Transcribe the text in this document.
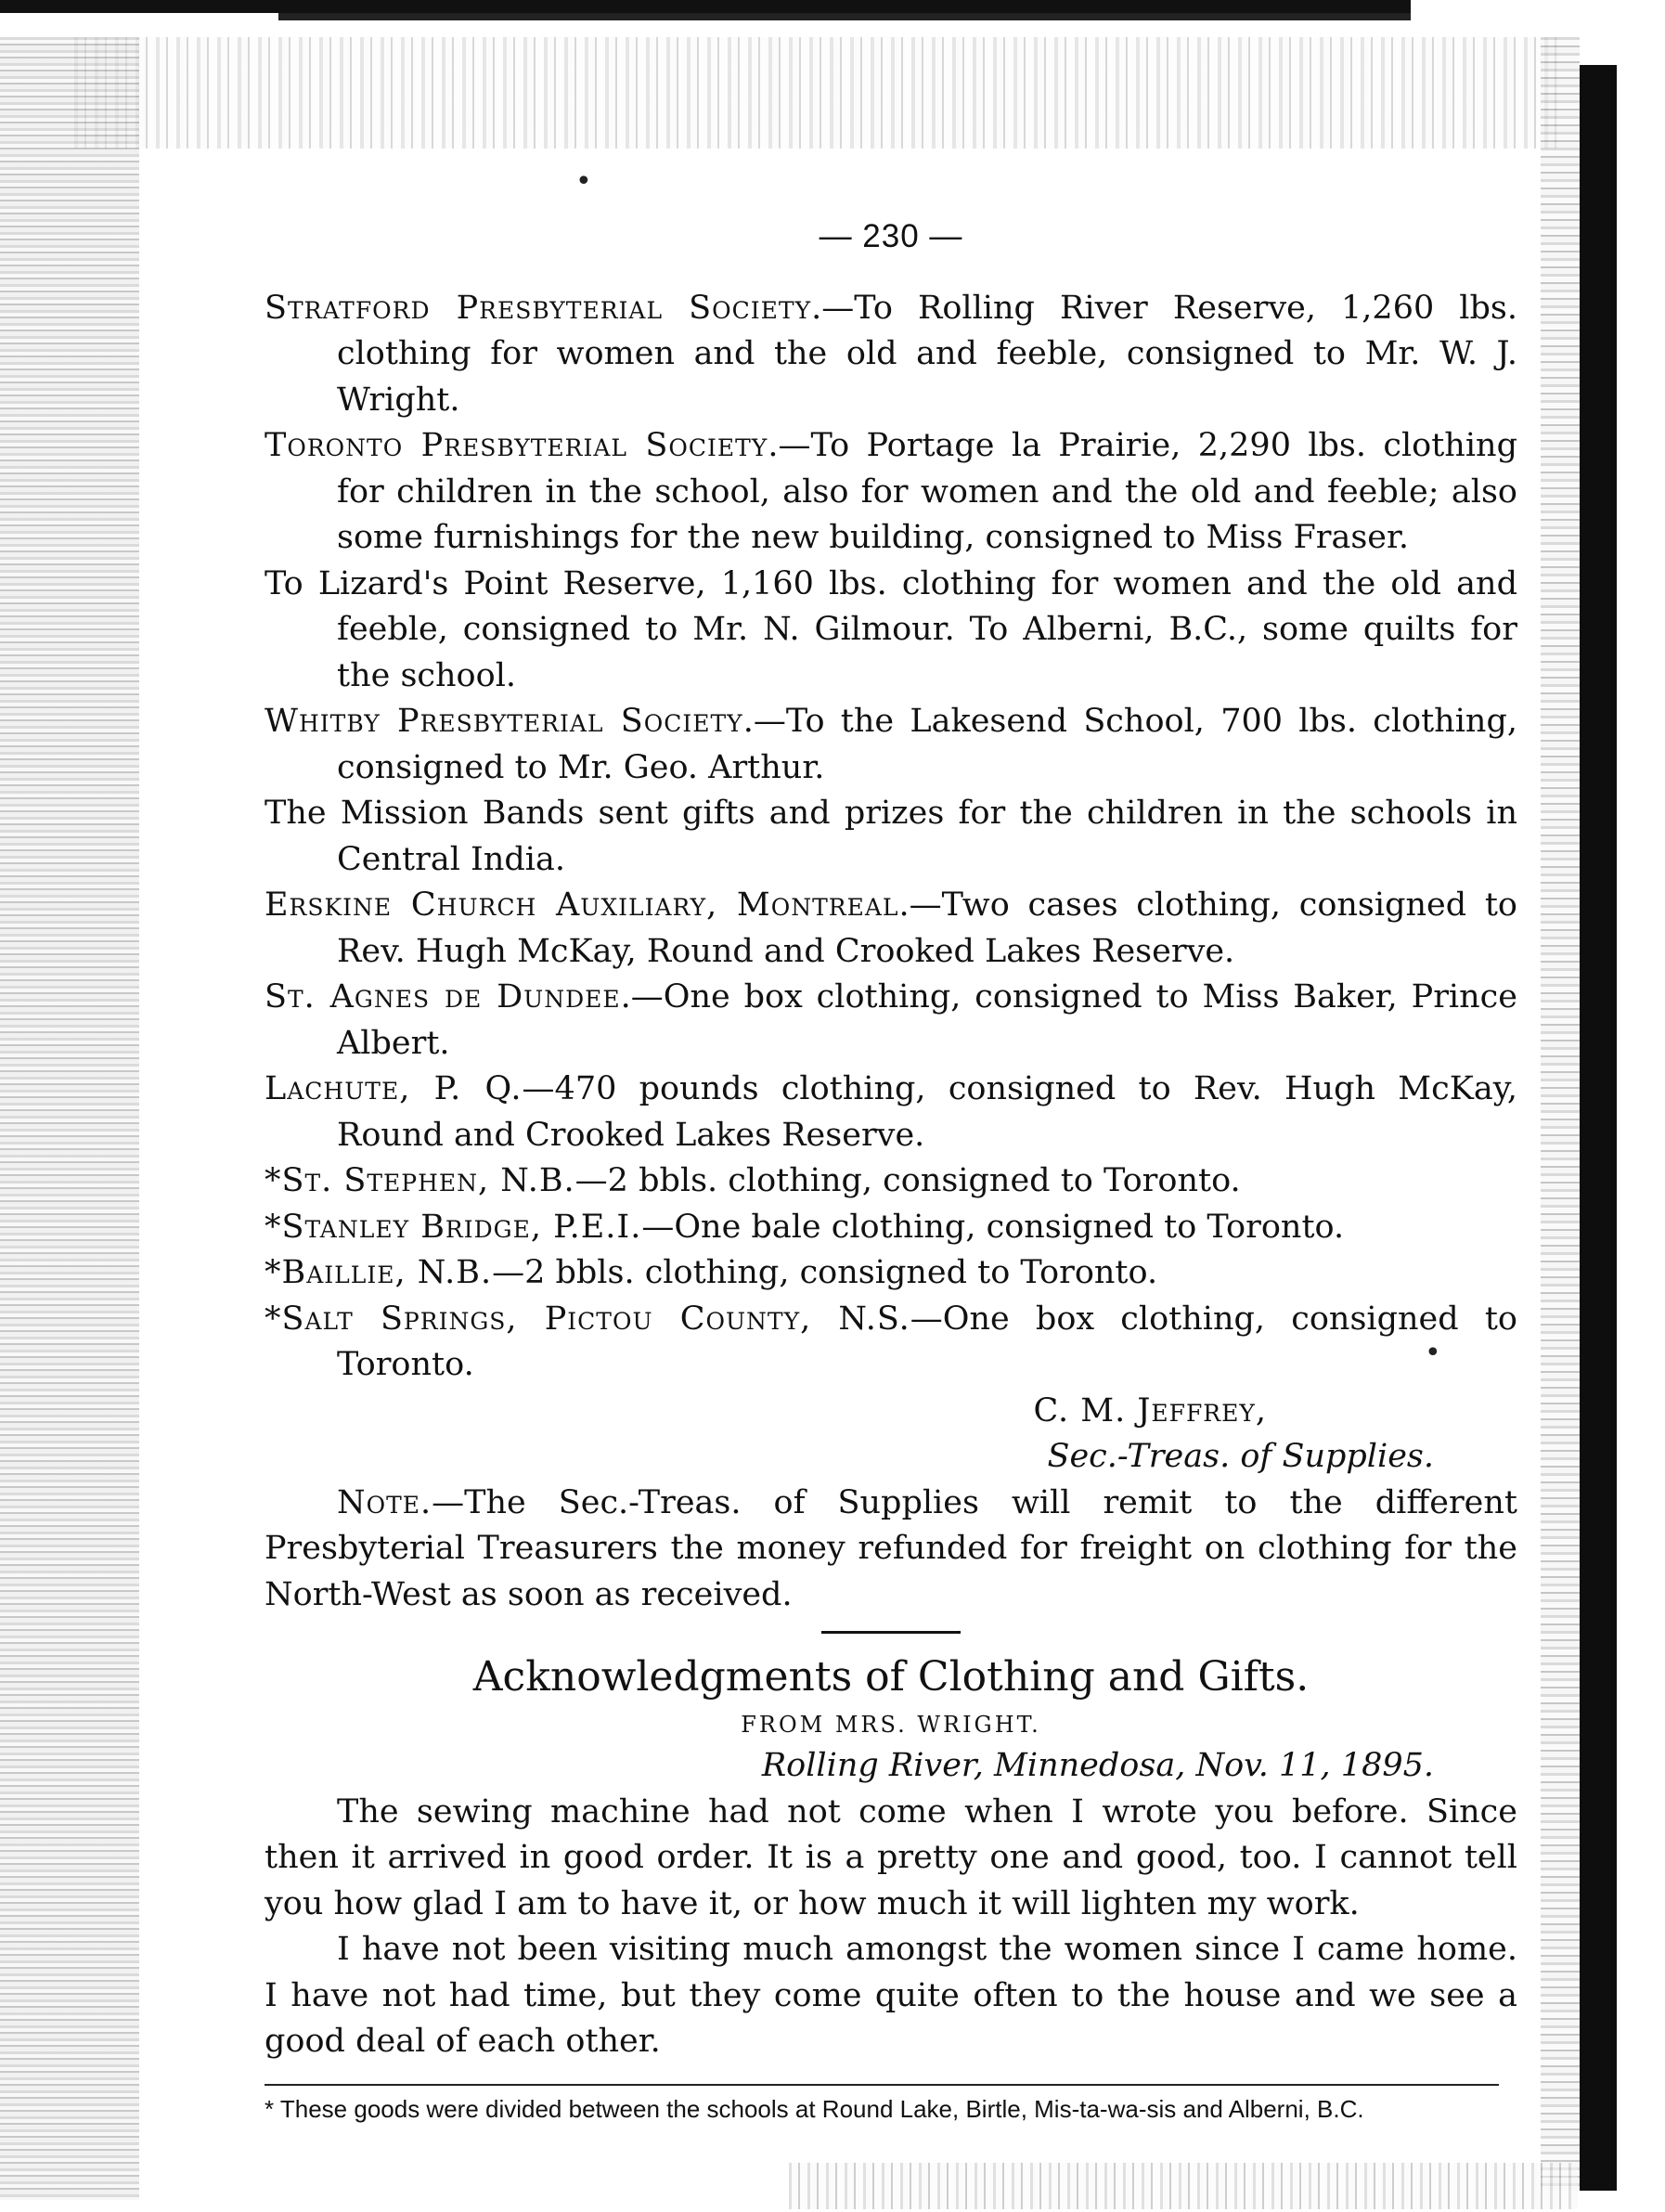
•
•
— 230 —

Stratford Presbyterial Society.—To Rolling River Reserve, 1,260 lbs. clothing for women and the old and feeble, consigned to Mr. W. J. Wright.

Toronto Presbyterial Society.—To Portage la Prairie, 2,290 lbs. clothing for children in the school, also for women and the old and feeble; also some furnishings for the new building, consigned to Miss Fraser.

To Lizard's Point Reserve, 1,160 lbs. clothing for women and the old and feeble, consigned to Mr. N. Gilmour. To Alberni, B.C., some quilts for the school.

Whitby Presbyterial Society.—To the Lakesend School, 700 lbs. clothing, consigned to Mr. Geo. Arthur.

The Mission Bands sent gifts and prizes for the children in the schools in Central India.

Erskine Church Auxiliary, Montreal.—Two cases clothing, consigned to Rev. Hugh McKay, Round and Crooked Lakes Reserve.

St. Agnes de Dundee.—One box clothing, consigned to Miss Baker, Prince Albert.

Lachute, P. Q.—470 pounds clothing, consigned to Rev. Hugh McKay, Round and Crooked Lakes Reserve.

*St. Stephen, N.B.—2 bbls. clothing, consigned to Toronto.

*Stanley Bridge, P.E.I.—One bale clothing, consigned to Toronto.

*Baillie, N.B.—2 bbls. clothing, consigned to Toronto.

*Salt Springs, Pictou County, N.S.—One box clothing, consigned to Toronto.

C. M. Jeffrey,

Sec.-Treas. of Supplies.

Note.—The Sec.-Treas. of Supplies will remit to the different Presbyterial Treasurers the money refunded for freight on clothing for the North-West as soon as received.

Acknowledgments of Clothing and Gifts.

FROM MRS. WRIGHT.

Rolling River, Minnedosa, Nov. 11, 1895.

The sewing machine had not come when I wrote you before. Since then it arrived in good order. It is a pretty one and good, too. I cannot tell you how glad I am to have it, or how much it will lighten my work.

I have not been visiting much amongst the women since I came home. I have not had time, but they come quite often to the house and we see a good deal of each other.

* These goods were divided between the schools at Round Lake, Birtle, Mis-ta-wa-sis and Alberni, B.C.
